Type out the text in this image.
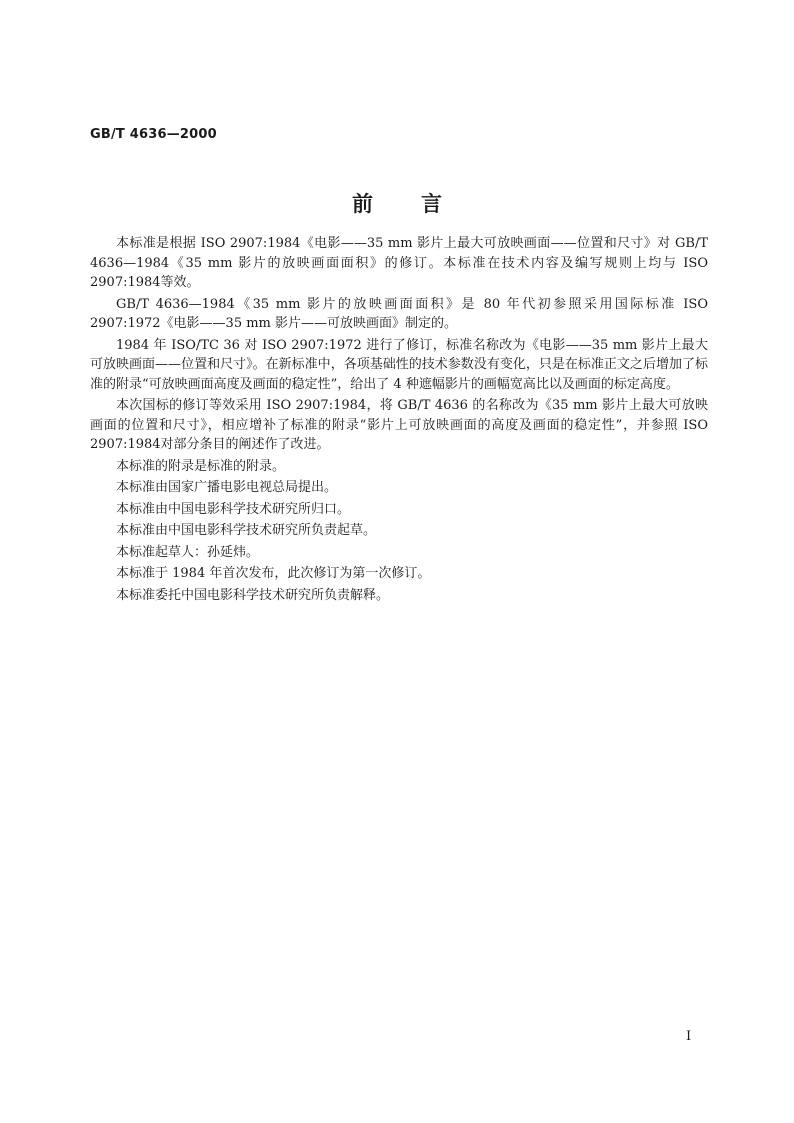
GB/T 4636—2000
前言

本标准是根据 ISO 2907:1984《电影——35 mm 影片上最大可放映画面——位置和尺寸》对 GB/T 4636—1984《35 mm 影片的放映画面面积》的修订。本标准在技术内容及编写规则上均与 ISO 2907:1984等效。

GB/T 4636—1984《35 mm 影片的放映画面面积》是 80 年代初参照采用国际标准 ISO 2907:1972《电影——35 mm 影片——可放映画面》制定的。

1984 年 ISO/TC 36 对 ISO 2907:1972 进行了修订，标准名称改为《电影——35 mm 影片上最大可放映画面——位置和尺寸》。在新标准中，各项基础性的技术参数没有变化，只是在标准正文之后增加了标准的附录“可放映画面高度及画面的稳定性”，给出了 4 种遮幅影片的画幅宽高比以及画面的标定高度。

本次国标的修订等效采用 ISO 2907:1984，将 GB/T 4636 的名称改为《35 mm 影片上最大可放映画面的位置和尺寸》，相应增补了标准的附录“影片上可放映画面的高度及画面的稳定性”，并参照 ISO 2907:1984对部分条目的阐述作了改进。

本标准的附录是标准的附录。

本标准由国家广播电影电视总局提出。

本标准由中国电影科学技术研究所归口。

本标准由中国电影科学技术研究所负责起草。

本标准起草人：孙延炜。

本标准于 1984 年首次发布，此次修订为第一次修订。

本标准委托中国电影科学技术研究所负责解释。

I
